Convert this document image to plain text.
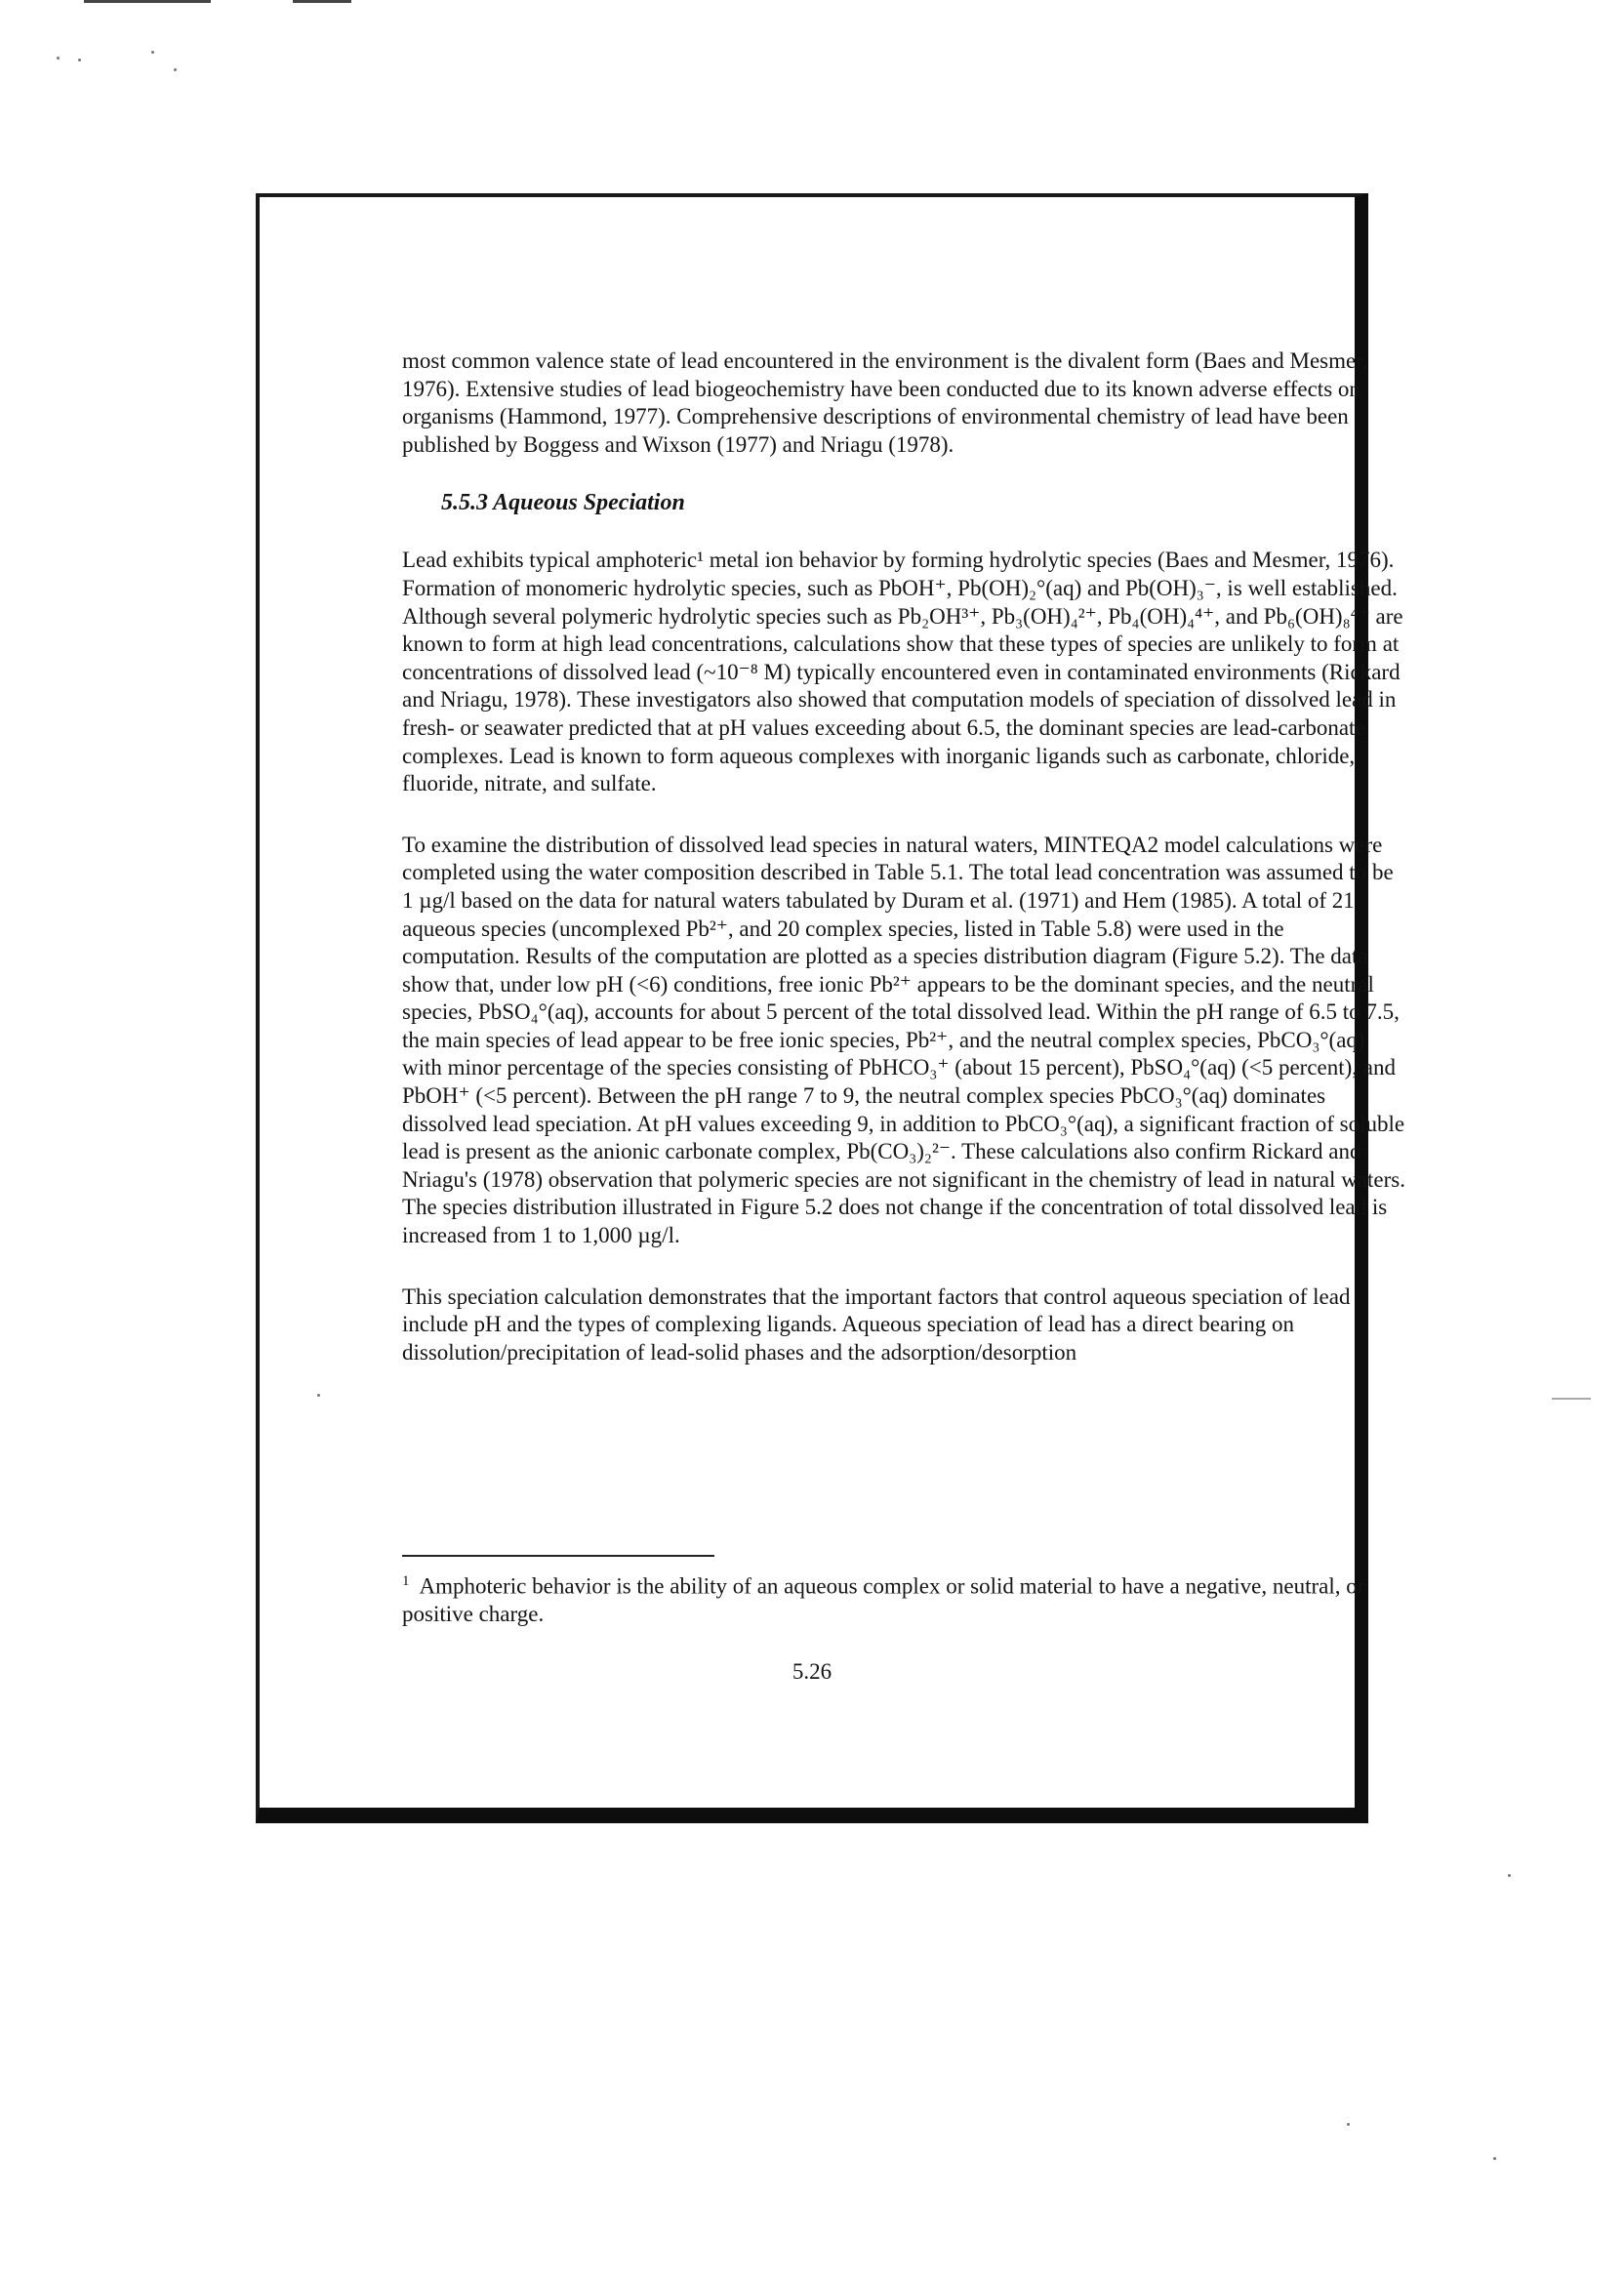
most common valence state of lead encountered in the environment is the divalent form (Baes and Mesmer, 1976). Extensive studies of lead biogeochemistry have been conducted due to its known adverse effects on organisms (Hammond, 1977). Comprehensive descriptions of environmental chemistry of lead have been published by Boggess and Wixson (1977) and Nriagu (1978).

5.5.3 Aqueous Speciation

Lead exhibits typical amphoteric¹ metal ion behavior by forming hydrolytic species (Baes and Mesmer, 1976). Formation of monomeric hydrolytic species, such as PbOH⁺, Pb(OH)₂°(aq) and Pb(OH)₃⁻, is well established. Although several polymeric hydrolytic species such as Pb₂OH³⁺, Pb₃(OH)₄²⁺, Pb₄(OH)₄⁴⁺, and Pb₆(OH)₈⁴⁺ are known to form at high lead concentrations, calculations show that these types of species are unlikely to form at concentrations of dissolved lead (~10⁻⁸ M) typically encountered even in contaminated environments (Rickard and Nriagu, 1978). These investigators also showed that computation models of speciation of dissolved lead in fresh- or seawater predicted that at pH values exceeding about 6.5, the dominant species are lead-carbonate complexes. Lead is known to form aqueous complexes with inorganic ligands such as carbonate, chloride, fluoride, nitrate, and sulfate.

To examine the distribution of dissolved lead species in natural waters, MINTEQA2 model calculations were completed using the water composition described in Table 5.1. The total lead concentration was assumed to be 1 µg/l based on the data for natural waters tabulated by Duram et al. (1971) and Hem (1985). A total of 21 aqueous species (uncomplexed Pb²⁺, and 20 complex species, listed in Table 5.8) were used in the computation. Results of the computation are plotted as a species distribution diagram (Figure 5.2). The data show that, under low pH (<6) conditions, free ionic Pb²⁺ appears to be the dominant species, and the neutral species, PbSO₄°(aq), accounts for about 5 percent of the total dissolved lead. Within the pH range of 6.5 to 7.5, the main species of lead appear to be free ionic species, Pb²⁺, and the neutral complex species, PbCO₃°(aq) with minor percentage of the species consisting of PbHCO₃⁺ (about 15 percent), PbSO₄°(aq) (<5 percent), and PbOH⁺ (<5 percent). Between the pH range 7 to 9, the neutral complex species PbCO₃°(aq) dominates dissolved lead speciation. At pH values exceeding 9, in addition to PbCO₃°(aq), a significant fraction of soluble lead is present as the anionic carbonate complex, Pb(CO₃)₂²⁻. These calculations also confirm Rickard and Nriagu's (1978) observation that polymeric species are not significant in the chemistry of lead in natural waters. The species distribution illustrated in Figure 5.2 does not change if the concentration of total dissolved lead is increased from 1 to 1,000 µg/l.

This speciation calculation demonstrates that the important factors that control aqueous speciation of lead include pH and the types of complexing ligands. Aqueous speciation of lead has a direct bearing on dissolution/precipitation of lead-solid phases and the adsorption/desorption

$^1$ Amphoteric behavior is the ability of an aqueous complex or solid material to have a negative, neutral, or positive charge.

5.26
